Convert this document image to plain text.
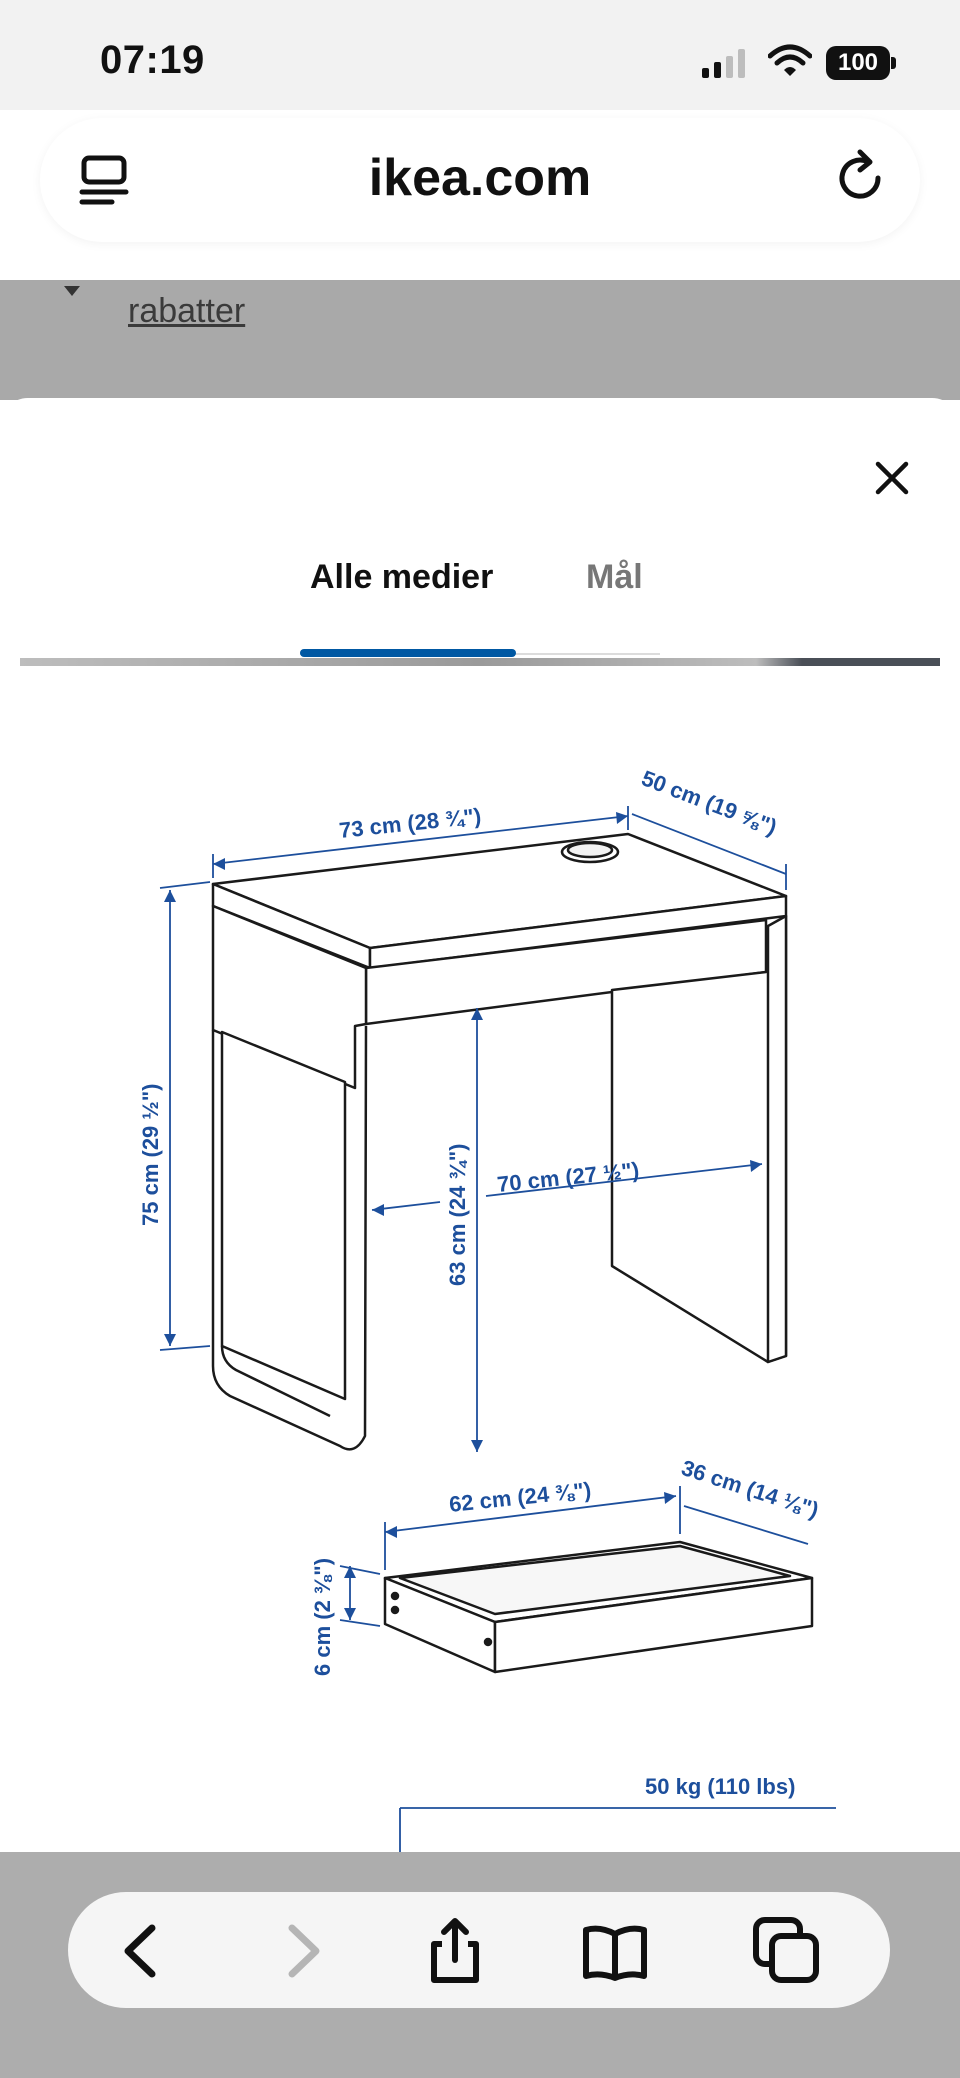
07:19	100
ikea.com
rabatter
Alle medier	Mål
73 cm (28 ¾")	50 cm (19 ⅝")
75 cm (29 ½")	63 cm (24 ¾") 70 cm (27 ½")
62 cm (24 ⅜")	36 cm (14 ⅛")
6 cm (2 ⅜")
50 kg (110 lbs)
